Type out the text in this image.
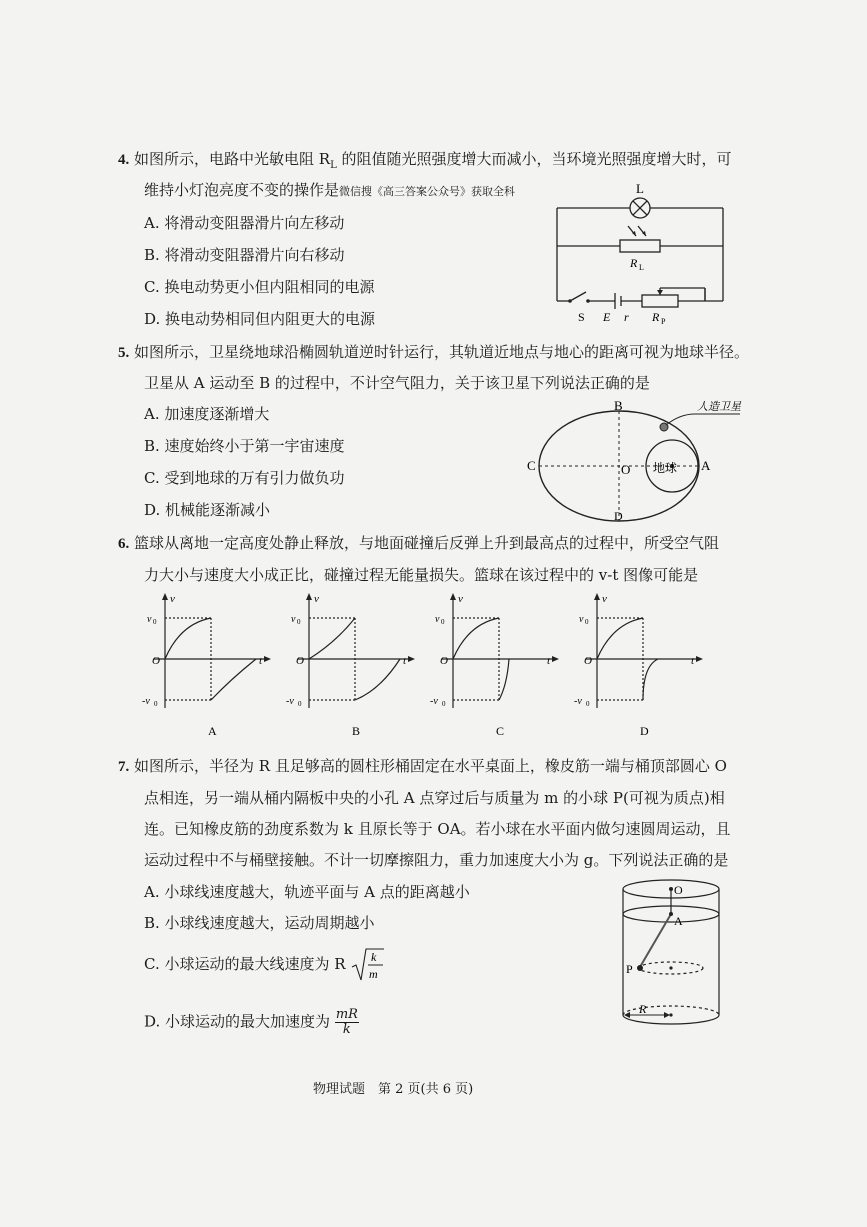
4. 如图所示，电路中光敏电阻 $R_L$ 的阻值随光照强度增大而减小，当环境光照强度增大时，可
维持小灯泡亮度不变的操作是微信搜《高三答案公众号》获取全科
A. 将滑动变阻器滑片向左移动
B. 将滑动变阻器滑片向右移动
C. 换电动势更小但内阻相同的电源
D. 换电动势相同但内阻更大的电源
L
R L
S E r R P
5. 如图所示，卫星绕地球沿椭圆轨道逆时针运行，其轨道近地点与地心的距离可视为地球半径。
卫星从 A 运动至 B 的过程中，不计空气阻力，关于该卫星下列说法正确的是
A. 加速度逐渐增大
B. 速度始终小于第一宇宙速度
C. 受到地球的万有引力做负功
D. 机械能逐渐减小
B
C	O	A
D
地球
人造卫星
6. 篮球从离地一定高度处静止释放，与地面碰撞后反弹上升到最高点的过程中，所受空气阻
力大小与速度大小成正比，碰撞过程无能量损失。篮球在该过程中的 v-t 图像可能是
v
t
O
v 0
-v 0
A
v
t
O
v 0
-v 0
B
v
t
O
v 0
-v 0
C
v
t
O
v 0
-v 0
D
7. 如图所示，半径为 R 且足够高的圆柱形桶固定在水平桌面上，橡皮筋一端与桶顶部圆心 O
点相连，另一端从桶内隔板中央的小孔 A 点穿过后与质量为 m 的小球 P(可视为质点)相
连。已知橡皮筋的劲度系数为 k 且原长等于 OA。若小球在水平面内做匀速圆周运动，且
运动过程中不与桶壁接触。不计一切摩擦阻力，重力加速度大小为 g。下列说法正确的是
A. 小球线速度越大，轨迹平面与 A 点的距离越小
B. 小球线速度越大，运动周期越小
C. 小球运动的最大线速度为 R k
m
D. 小球运动的最大加速度为 $\frac{mR}{k}$
O
A
P
R
物理试题　第 2 页(共 6 页)
